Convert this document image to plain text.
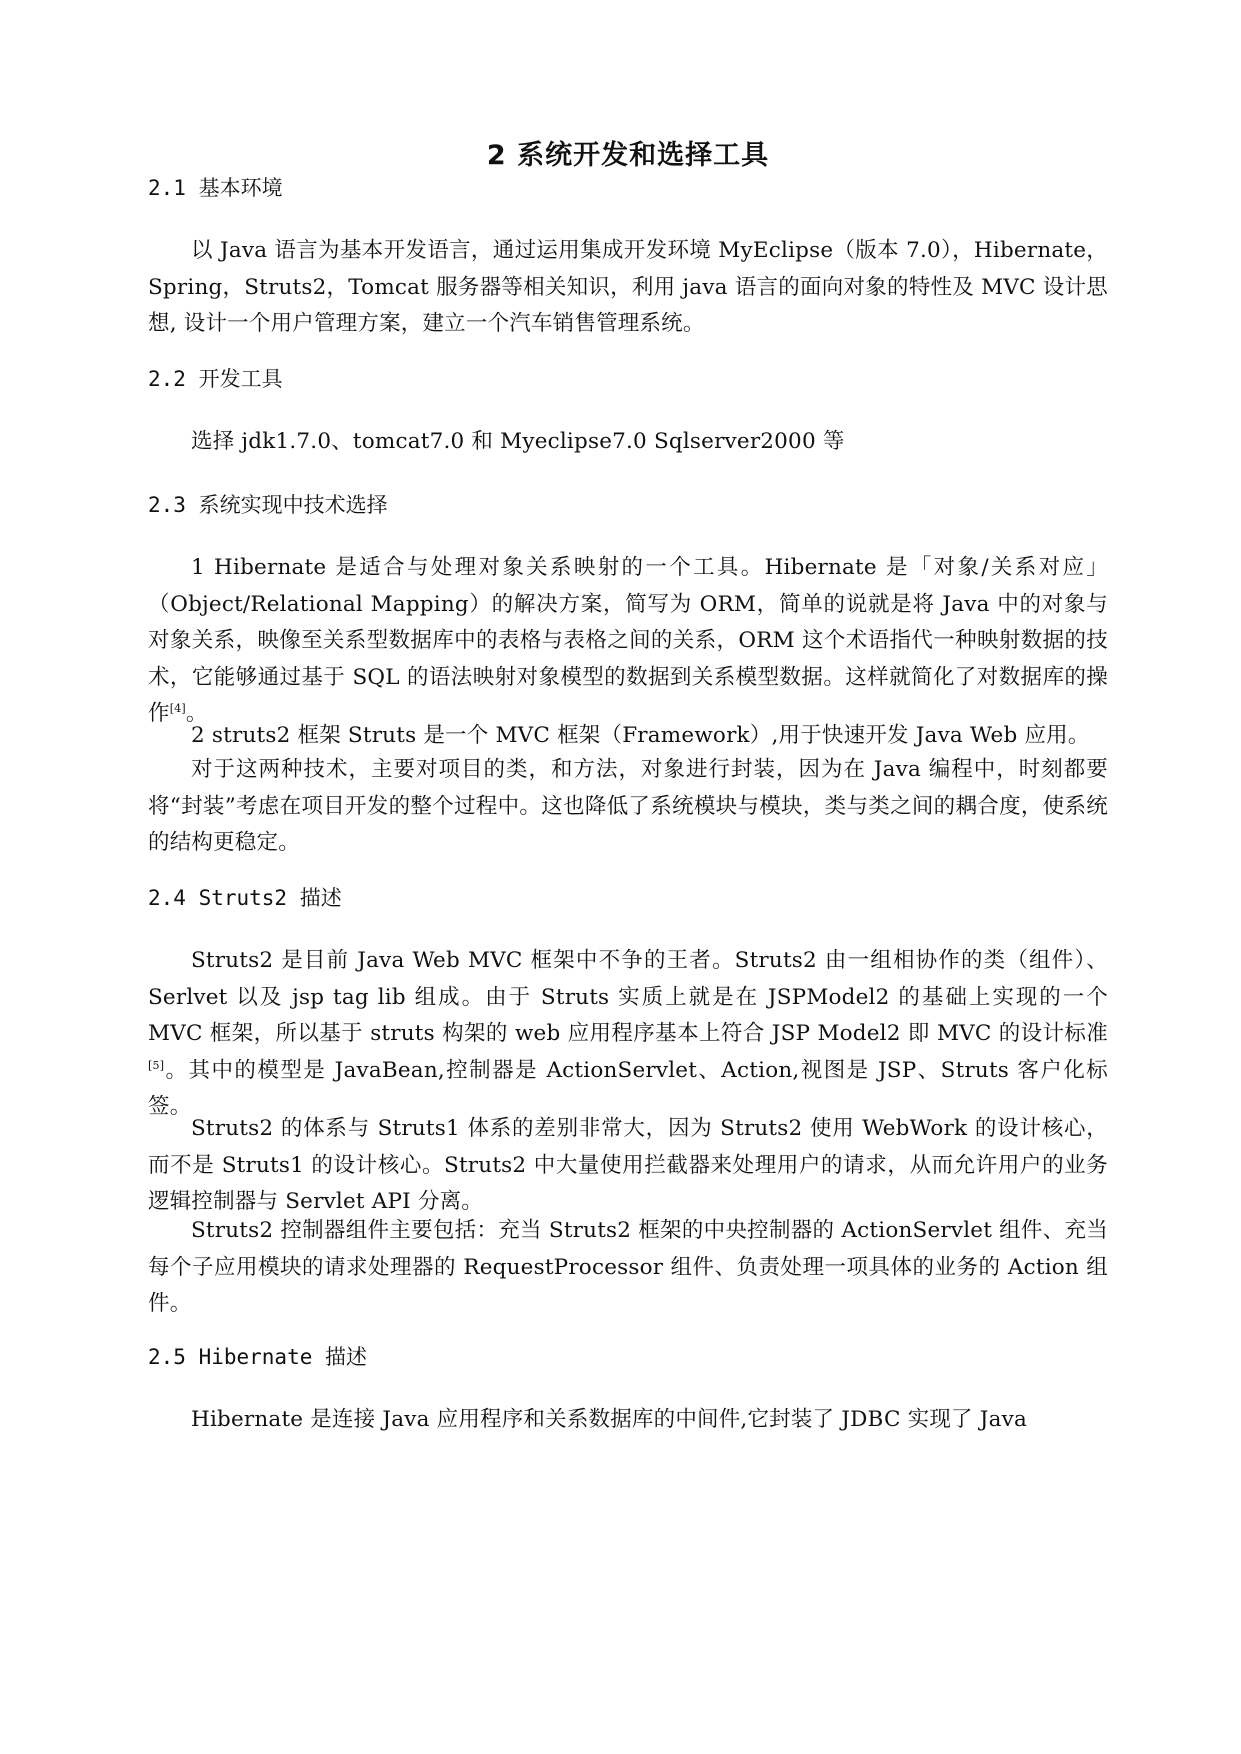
2 系统开发和选择工具
2.1 基本环境

以 Java 语言为基本开发语言，通过运用集成开发环境 MyEclipse（版本 7.0），Hibernate，Spring，Struts2，Tomcat 服务器等相关知识，利用 java 语言的面向对象的特性及 MVC 设计思想, 设计一个用户管理方案，建立一个汽车销售管理系统。

2.2 开发工具

选择 jdk1.7.0、tomcat7.0 和 Myeclipse7.0 Sqlserver2000 等

2.3 系统实现中技术选择

1 Hibernate 是适合与处理对象关系映射的一个工具。Hibernate 是「对象/关系对应」（Object/Relational Mapping）的解决方案，简写为 ORM，简单的说就是将 Java 中的对象与对象关系，映像至关系型数据库中的表格与表格之间的关系，ORM 这个术语指代一种映射数据的技术，它能够通过基于 SQL 的语法映射对象模型的数据到关系模型数据。这样就简化了对数据库的操作[4]。

2 struts2 框架 Struts 是一个 MVC 框架（Framework）,用于快速开发 Java Web 应用。

对于这两种技术，主要对项目的类，和方法，对象进行封装，因为在 Java 编程中，时刻都要将“封装”考虑在项目开发的整个过程中。这也降低了系统模块与模块，类与类之间的耦合度，使系统的结构更稳定。

2.4 Struts2 描述

Struts2 是目前 Java Web MVC 框架中不争的王者。Struts2 由一组相协作的类（组件）、Serlvet 以及 jsp tag lib 组成。由于 Struts 实质上就是在 JSPModel2 的基础上实现的一个 MVC 框架，所以基于 struts 构架的 web 应用程序基本上符合 JSP Model2 即 MVC 的设计标准[5]。其中的模型是 JavaBean,控制器是 ActionServlet、Action,视图是 JSP、Struts 客户化标签。

Struts2 的体系与 Struts1 体系的差别非常大，因为 Struts2 使用 WebWork 的设计核心，而不是 Struts1 的设计核心。Struts2 中大量使用拦截器来处理用户的请求，从而允许用户的业务逻辑控制器与 Servlet API 分离。

Struts2 控制器组件主要包括：充当 Struts2 框架的中央控制器的 ActionServlet 组件、充当每个子应用模块的请求处理器的 RequestProcessor 组件、负责处理一项具体的业务的 Action 组件。

2.5 Hibernate 描述

Hibernate 是连接 Java 应用程序和关系数据库的中间件,它封装了 JDBC 实现了 Java
